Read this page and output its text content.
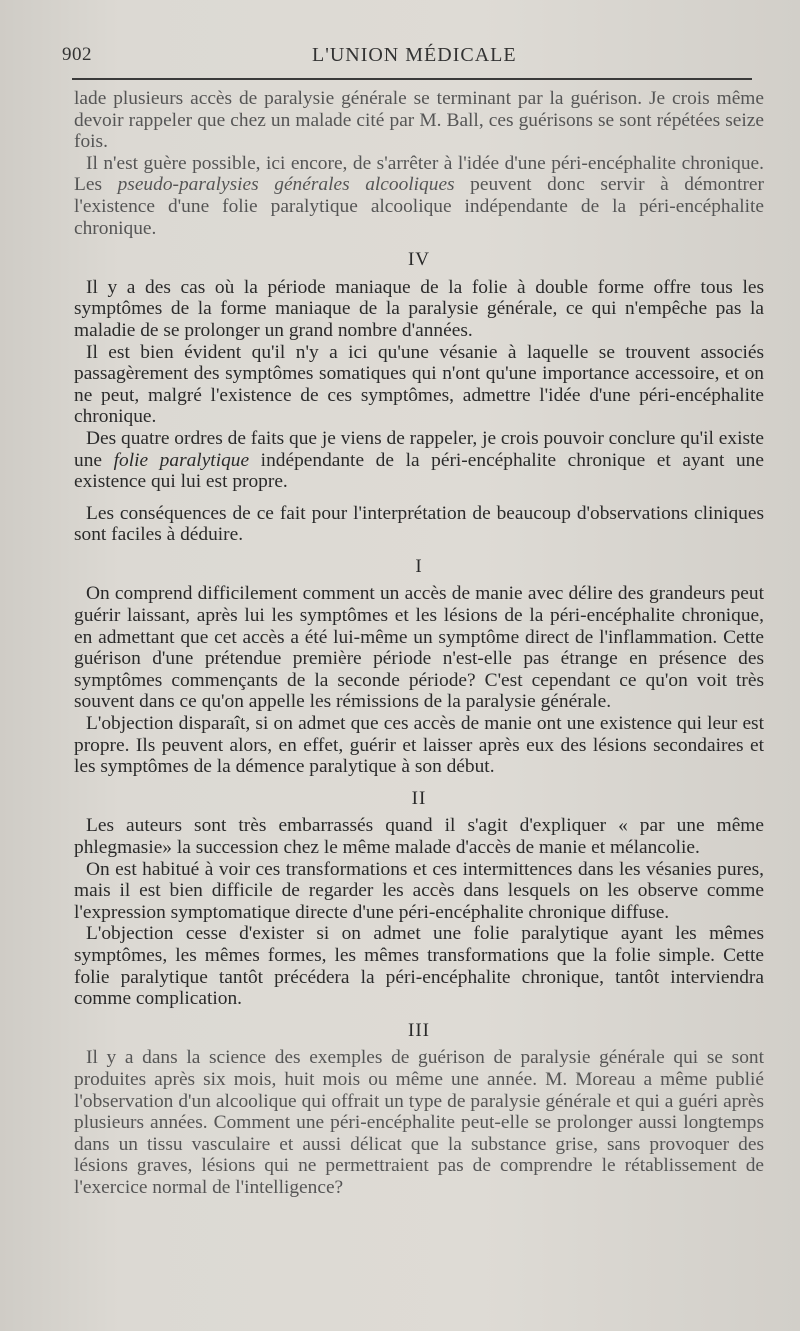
902	L'UNION MÉDICALE

lade plusieurs accès de paralysie générale se terminant par la guérison. Je crois même devoir rappeler que chez un malade cité par M. Ball, ces guérisons se sont répétées seize fois.

Il n'est guère possible, ici encore, de s'arrêter à l'idée d'une péri-encéphalite chronique. Les pseudo-paralysies générales alcooliques peuvent donc servir à démontrer l'existence d'une folie paralytique alcoolique indépendante de la péri-encéphalite chronique.

IV

Il y a des cas où la période maniaque de la folie à double forme offre tous les symptômes de la forme maniaque de la paralysie générale, ce qui n'empêche pas la maladie de se prolonger un grand nombre d'années.

Il est bien évident qu'il n'y a ici qu'une vésanie à laquelle se trouvent associés passagèrement des symptômes somatiques qui n'ont qu'une importance accessoire, et on ne peut, malgré l'existence de ces symptômes, admettre l'idée d'une péri-encéphalite chronique.

Des quatre ordres de faits que je viens de rappeler, je crois pouvoir conclure qu'il existe une folie paralytique indépendante de la péri-encéphalite chronique et ayant une existence qui lui est propre.

Les conséquences de ce fait pour l'interprétation de beaucoup d'observations cliniques sont faciles à déduire.

I

On comprend difficilement comment un accès de manie avec délire des grandeurs peut guérir laissant, après lui les symptômes et les lésions de la péri-encéphalite chronique, en admettant que cet accès a été lui-même un symptôme direct de l'inflammation. Cette guérison d'une prétendue première période n'est-elle pas étrange en présence des symptômes commençants de la seconde période? C'est cependant ce qu'on voit très souvent dans ce qu'on appelle les rémissions de la paralysie générale.

L'objection disparaît, si on admet que ces accès de manie ont une existence qui leur est propre. Ils peuvent alors, en effet, guérir et laisser après eux des lésions secondaires et les symptômes de la démence paralytique à son début.

II

Les auteurs sont très embarrassés quand il s'agit d'expliquer « par une même phlegmasie» la succession chez le même malade d'accès de manie et mélancolie.

On est habitué à voir ces transformations et ces intermittences dans les vésanies pures, mais il est bien difficile de regarder les accès dans lesquels on les observe comme l'expression symptomatique directe d'une péri-encéphalite chronique diffuse.

L'objection cesse d'exister si on admet une folie paralytique ayant les mêmes symptômes, les mêmes formes, les mêmes transformations que la folie simple. Cette folie paralytique tantôt précédera la péri-encéphalite chronique, tantôt interviendra comme complication.

III

Il y a dans la science des exemples de guérison de paralysie générale qui se sont produites après six mois, huit mois ou même une année. M. Moreau a même publié l'observation d'un alcoolique qui offrait un type de paralysie générale et qui a guéri après plusieurs années. Comment une péri-encéphalite peut-elle se prolonger aussi longtemps dans un tissu vasculaire et aussi délicat que la substance grise, sans provoquer des lésions graves, lésions qui ne permettraient pas de comprendre le rétablissement de l'exercice normal de l'intelligence?
